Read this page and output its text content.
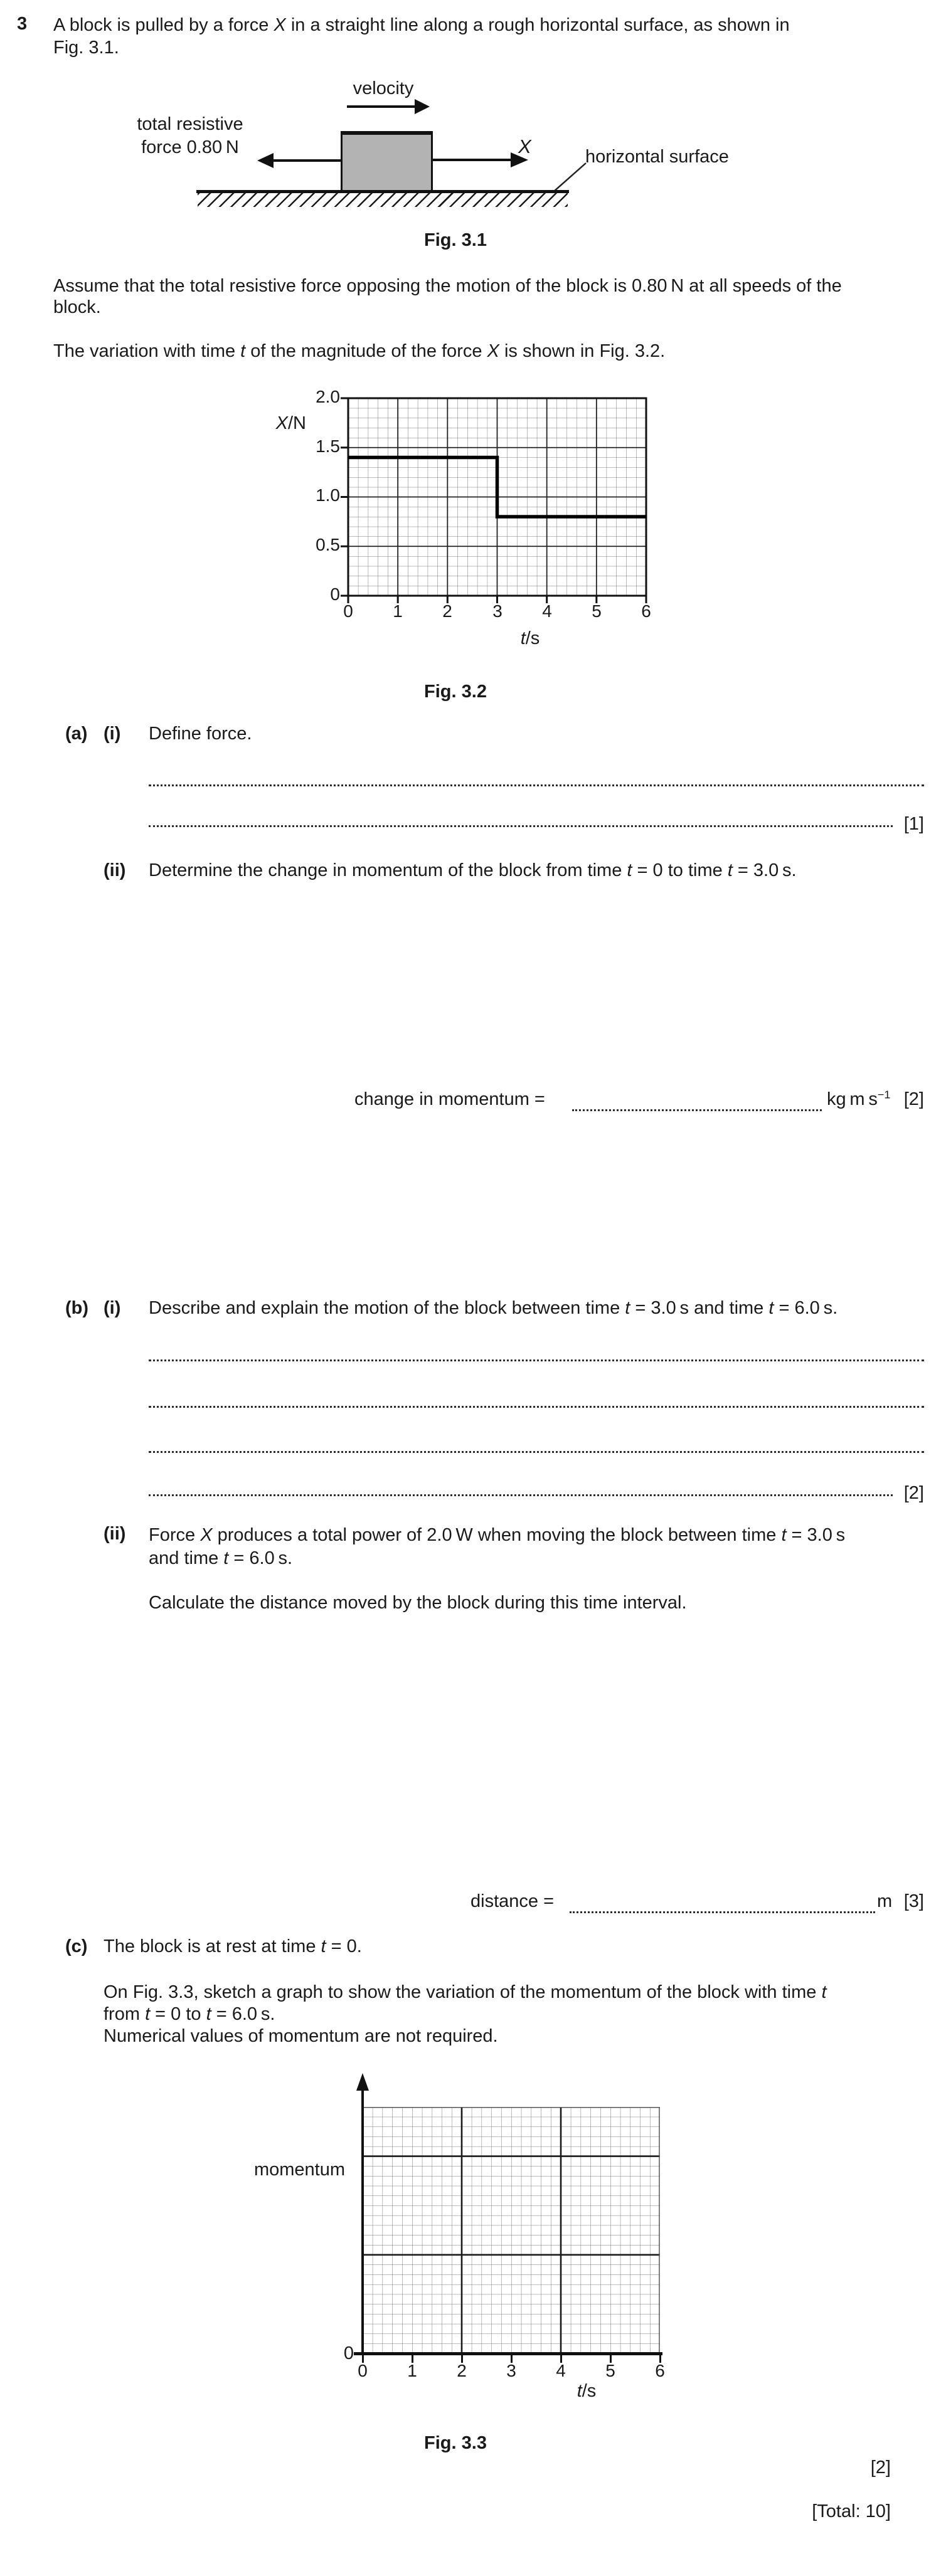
3 A block is pulled by a force X in a straight line along a rough horizontal surface, as shown in
Fig. 3.1.
velocity
total resistive
force 0.80 N	X	horizontal surface
Fig. 3.1
Assume that the total resistive force opposing the motion of the block is 0.80 N at all speeds of the
block.
The variation with time t of the magnitude of the force X is shown in Fig. 3.2.
X/N
2.0
1.5
1.0
0.5
0
0	1	2	3	4	5	6
t/s
Fig. 3.2
(a) (i) Define force.
[1]
(ii) Determine the change in momentum of the block from time t = 0 to time t = 3.0 s.
change in momentum =	kg m $s^{-1}$ [2]
(b) (i) Describe and explain the motion of the block between time t = 3.0 s and time t = 6.0 s.
[2]
(ii) Force X produces a total power of 2.0 W when moving the block between time t = 3.0 s
and time t = 6.0 s.
Calculate the distance moved by the block during this time interval.
distance =	m [3]
(c) The block is at rest at time t = 0.
On Fig. 3.3, sketch a graph to show the variation of the momentum of the block with time t
from t = 0 to t = 6.0 s.
Numerical values of momentum are not required.
momentum
0
0	1	2	3	4	5	6
t/s
Fig. 3.3
[2]
[Total: 10]
